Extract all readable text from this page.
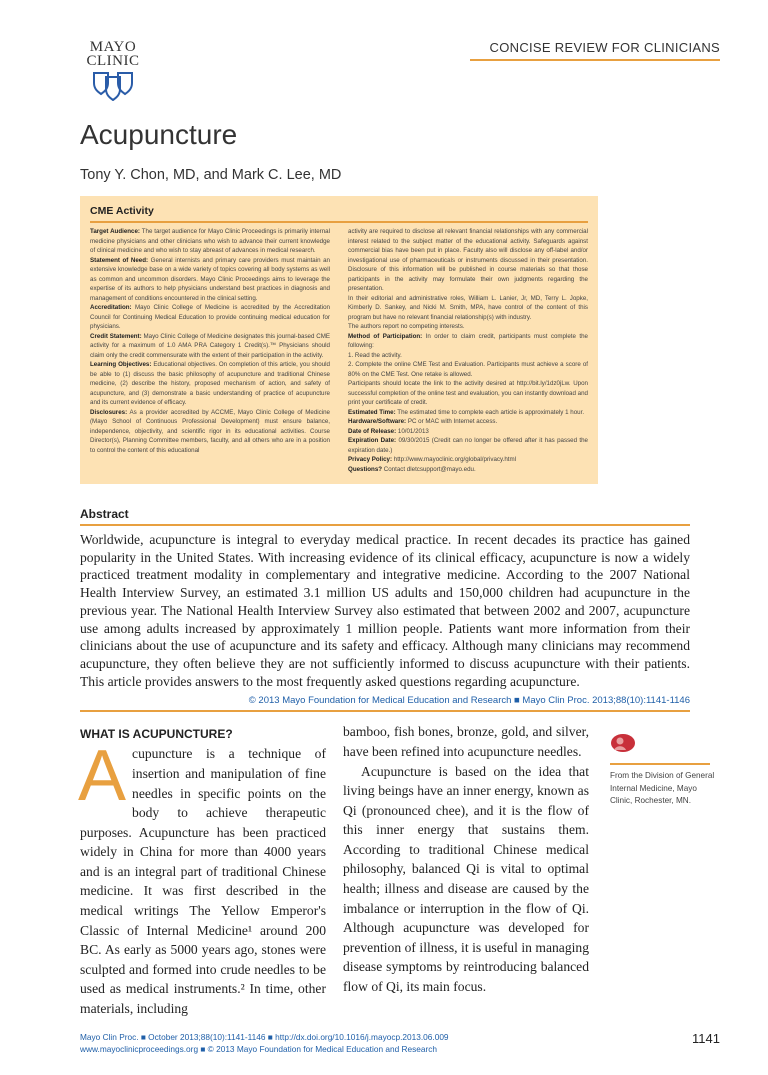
MAYO
CLINIC
CONCISE REVIEW FOR CLINICIANS
Acupuncture
Tony Y. Chon, MD, and Mark C. Lee, MD
CME Activity

Target Audience: The target audience for Mayo Clinic Proceedings is primarily internal medicine physicians and other clinicians who wish to advance their current knowledge of clinical medicine and who wish to stay abreast of advances in medical research.

Statement of Need: General internists and primary care providers must maintain an extensive knowledge base on a wide variety of topics covering all body systems as well as common and uncommon disorders. Mayo Clinic Proceedings aims to leverage the expertise of its authors to help physicians understand best practices in diagnosis and management of conditions encountered in the clinical setting.

Accreditation: Mayo Clinic College of Medicine is accredited by the Accreditation Council for Continuing Medical Education to provide continuing medical education for physicians.

Credit Statement: Mayo Clinic College of Medicine designates this journal-based CME activity for a maximum of 1.0 AMA PRA Category 1 Credit(s).™ Physicians should claim only the credit commensurate with the extent of their participation in the activity.

Learning Objectives: Educational objectives. On completion of this article, you should be able to (1) discuss the basic philosophy of acupuncture and traditional Chinese medicine, (2) describe the history, proposed mechanism of action, and safety of acupuncture, and (3) demonstrate a basic understanding of practice of acupuncture and its current evidence of efficacy.

Disclosures: As a provider accredited by ACCME, Mayo Clinic College of Medicine (Mayo School of Continuous Professional Development) must ensure balance, independence, objectivity, and scientific rigor in its educational activities. Course Director(s), Planning Committee members, faculty, and all others who are in a position to control the content of this educational

activity are required to disclose all relevant financial relationships with any commercial interest related to the subject matter of the educational activity. Safeguards against commercial bias have been put in place. Faculty also will disclose any off-label and/or investigational use of pharmaceuticals or instruments discussed in their presentation. Disclosure of this information will be published in course materials so that those participants in the activity may formulate their own judgments regarding the presentation.

In their editorial and administrative roles, William L. Lanier, Jr, MD, Terry L. Jopke, Kimberly D. Sankey, and Nicki M. Smith, MPA, have control of the content of this program but have no relevant financial relationship(s) with industry.

The authors report no competing interests.

Method of Participation: In order to claim credit, participants must complete the following:

1. Read the activity.

2. Complete the online CME Test and Evaluation. Participants must achieve a score of 80% on the CME Test. One retake is allowed.

Participants should locate the link to the activity desired at http://bit.ly/1dz0jLw. Upon successful completion of the online test and evaluation, you can instantly download and print your certificate of credit.

Estimated Time: The estimated time to complete each article is approximately 1 hour.

Hardware/Software: PC or MAC with Internet access.

Date of Release: 10/01/2013

Expiration Date: 09/30/2015 (Credit can no longer be offered after it has passed the expiration date.)

Privacy Policy: http://www.mayoclinic.org/global/privacy.html

Questions? Contact dletcsupport@mayo.edu.

Abstract

Worldwide, acupuncture is integral to everyday medical practice. In recent decades its practice has gained popularity in the United States. With increasing evidence of its clinical efficacy, acupuncture is now a widely practiced treatment modality in complementary and integrative medicine. According to the 2007 National Health Interview Survey, an estimated 3.1 million US adults and 150,000 children had acupuncture in the previous year. The National Health Interview Survey also estimated that between 2002 and 2007, acupuncture use among adults increased by approximately 1 million people. Patients want more information from their clinicians about the use of acupuncture and its safety and efficacy. Although many clinicians may recommend acupuncture, they often believe they are not sufficiently informed to discuss acupuncture with their patients. This article provides answers to the most frequently asked questions regarding acupuncture.

© 2013 Mayo Foundation for Medical Education and Research ■ Mayo Clin Proc. 2013;88(10):1141-1146
WHAT IS ACUPUNCTURE?
A cupuncture is a technique of insertion and manipulation of fine needles in specific points on the body to achieve therapeutic purposes. Acupuncture has been practiced widely in China for more than 4000 years and is an integral part of traditional Chinese medicine. It was first described in the medical writings The Yellow Emperor's Classic of Internal Medicine¹ around 200 BC. As early as 5000 years ago, stones were sculpted and formed into crude needles to be used as medical instruments.² In time, other materials, including

bamboo, fish bones, bronze, gold, and silver, have been refined into acupuncture needles.

Acupuncture is based on the idea that living beings have an inner energy, known as Qi (pronounced chee), and it is the flow of this inner energy that sustains them. According to traditional Chinese medical philosophy, balanced Qi is vital to optimal health; illness and disease are caused by the imbalance or interruption in the flow of Qi. Although acupuncture was developed for prevention of illness, it is useful in managing disease symptoms by reintroducing balanced flow of Qi, its main focus.

From the Division of General Internal Medicine, Mayo Clinic, Rochester, MN.
Mayo Clin Proc. ■ October 2013;88(10):1141-1146 ■ http://dx.doi.org/10.1016/j.mayocp.2013.06.009
www.mayoclinicproceedings.org ■ © 2013 Mayo Foundation for Medical Education and Research
1141
